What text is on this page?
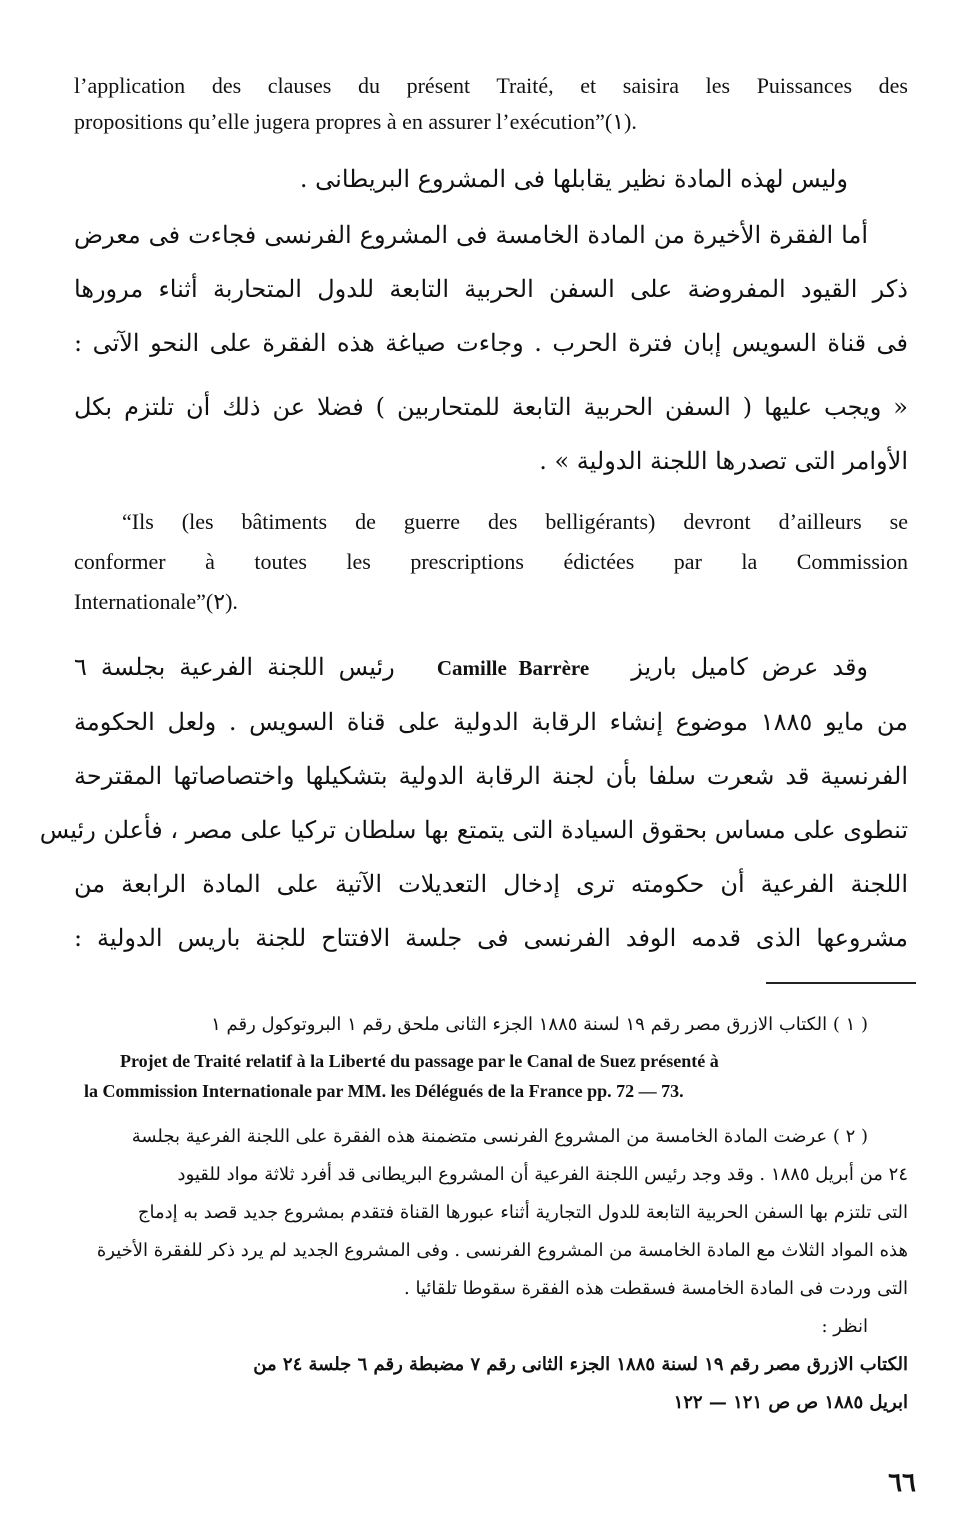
l’application des clauses du présent Traité, et saisira les Puissances des
propositions qu’elle jugera propres à en assurer l’exécution”(١).
وليس لهذه المادة نظير يقابلها فى المشروع البريطانى .
أما الفقرة الأخيرة من المادة الخامسة فى المشروع الفرنسى فجاءت فى معرض
ذكر القيود المفروضة على السفن الحربية التابعة للدول المتحاربة أثناء مرورها
فى قناة السويس إبان فترة الحرب . وجاءت صياغة هذه الفقرة على النحو الآتى :
« ويجب عليها ( السفن الحربية التابعة للمتحاربين ) فضلا عن ذلك أن تلتزم بكل
الأوامر التى تصدرها اللجنة الدولية » .
“Ils (les bâtiments de guerre des belligérants) devront d’ailleurs se
conformer à toutes les prescriptions édictées par la Commission
Internationale”(٢).
وقد عرض كاميل باريز   Camille Barrère   رئيس اللجنة الفرعية بجلسة ٦
من مايو ١٨٨٥ موضوع إنشاء الرقابة الدولية على قناة السويس . ولعل الحكومة
الفرنسية قد شعرت سلفا بأن لجنة الرقابة الدولية بتشكيلها واختصاصاتها المقترحة
تنطوى على مساس بحقوق السيادة التى يتمتع بها سلطان تركيا على مصر ، فأعلن رئيس
اللجنة الفرعية أن حكومته ترى إدخال التعديلات الآتية على المادة الرابعة من
مشروعها الذى قدمه الوفد الفرنسى فى جلسة الافتتاح للجنة باريس الدولية :
( ١ ) الكتاب الازرق مصر رقم ١٩ لسنة ١٨٨٥ الجزء الثانى ملحق رقم ١ البروتوكول رقم ١
Projet de Traité relatif à la Liberté du passage par le Canal de Suez présenté à
la Commission Internationale par MM. les Délégués de la France pp. 72 — 73.
( ٢ ) عرضت المادة الخامسة من المشروع الفرنسى متضمنة هذه الفقرة على اللجنة الفرعية بجلسة
٢٤ من أبريل ١٨٨٥ . وقد وجد رئيس اللجنة الفرعية أن المشروع البريطانى قد أفرد ثلاثة مواد للقيود
التى تلتزم بها السفن الحربية التابعة للدول التجارية أثناء عبورها القناة فتقدم بمشروع جديد قصد به إدماج
هذه المواد الثلاث مع المادة الخامسة من المشروع الفرنسى . وفى المشروع الجديد لم يرد ذكر للفقرة الأخيرة
التى وردت فى المادة الخامسة فسقطت هذه الفقرة سقوطا تلقائيا .
انظر :
الكتاب الازرق مصر رقم ١٩ لسنة ١٨٨٥ الجزء الثانى رقم ٧ مضبطة رقم ٦ جلسة ٢٤ من
ابريل ١٨٨٥ ص ص ١٢١ — ١٢٢
٦٦
